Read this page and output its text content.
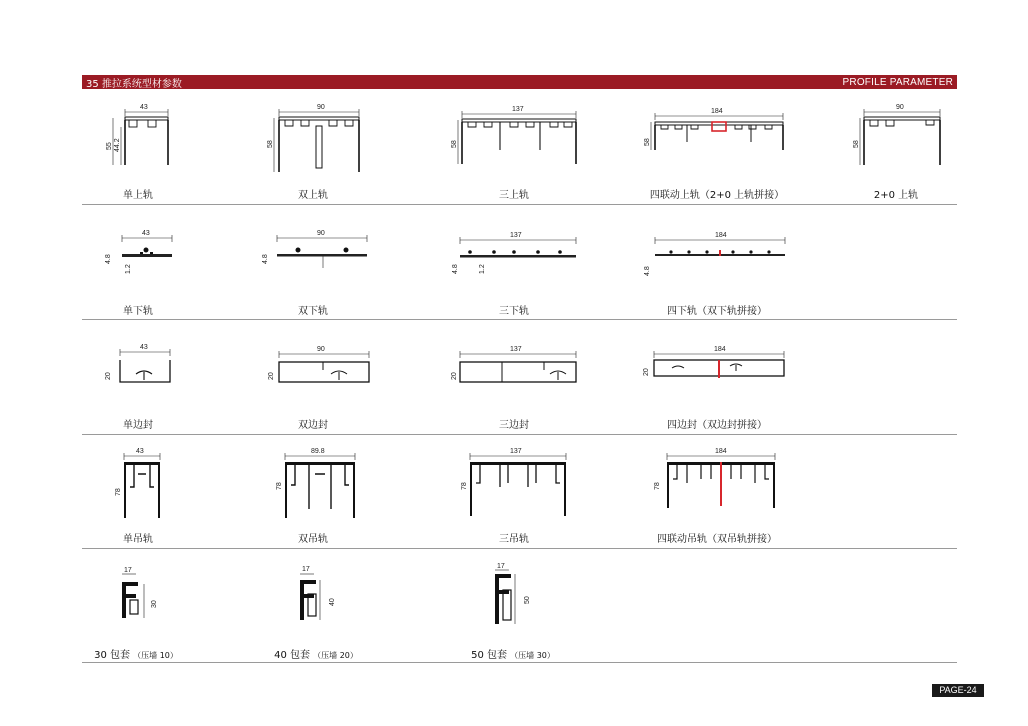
35 推拉系统型材参数	PROFILE PARAMETER
43
55 44.2
单上轨
90
58
双上轨
137
58
三上轨
184
58
四联动上轨（2+0 上轨拼接）
90
58
2+0 上轨
43
4.8
1.2
单下轨
90
4.8
双下轨
137
4.8	1.2
三下轨
184
4.8
四下轨（双下轨拼接）
43
20
单边封
90
20
双边封
137
20
三边封
184
20
四边封（双边封拼接）
43
78
单吊轨
89.8
78
双吊轨
137
78
三吊轨
184
78
四联动吊轨（双吊轨拼接）
17
30
30 包套 （压墙 10）
17
40
40 包套 （压墙 20）
17
50
50 包套 （压墙 30）
PAGE-24
